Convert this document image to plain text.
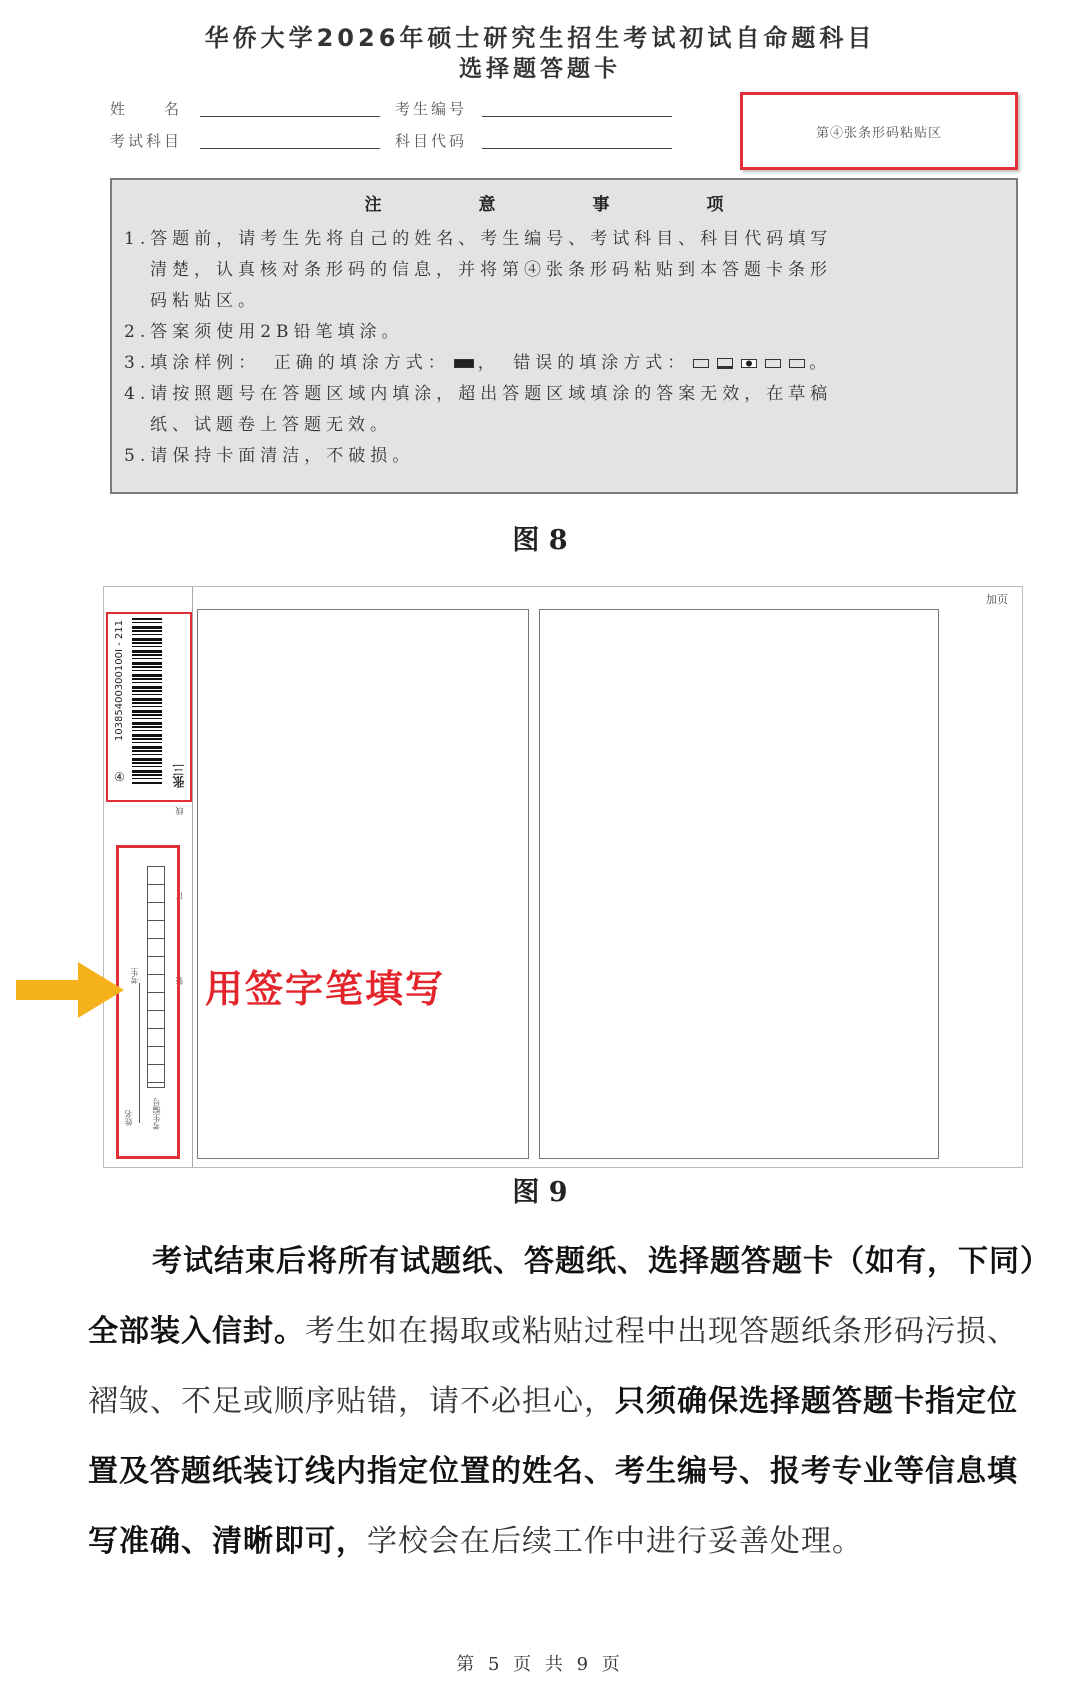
华侨大学2026年硕士研究生招生考试初试自命题科目
选择题答题卡
姓　　名	考生编号
考试科目	科目代码	第④张条形码粘贴区
注　意　事　项
1.答题前，请考生先将自己的姓名、考生编号、考试科目、科目代码填写
清楚，认真核对条形码的信息，并将第④张条形码粘贴到本答题卡条形
码粘贴区。
2.答案须使用2B铅笔填涂。
3.填涂样例：　正确的填涂方式： ，　错误的填涂方式：	。
4.请按照题号在答题区域内填涂，超出答题区域填涂的答案无效，在草稿
纸、试题卷上答题无效。
5.请保持卡面清洁，不破损。
图 8
加页
10385400300100I - 211
④	张三
线
订
装
考生
姓名 考生编号
用签字笔填写
图 9
考试结束后将所有试题纸、答题纸、选择题答题卡（如有，下同）
全部装入信封。考生如在揭取或粘贴过程中出现答题纸条形码污损、
褶皱、不足或顺序贴错，请不必担心，只须确保选择题答题卡指定位
置及答题纸装订线内指定位置的姓名、考生编号、报考专业等信息填
写准确、清晰即可，学校会在后续工作中进行妥善处理。
第 5 页 共 9 页
